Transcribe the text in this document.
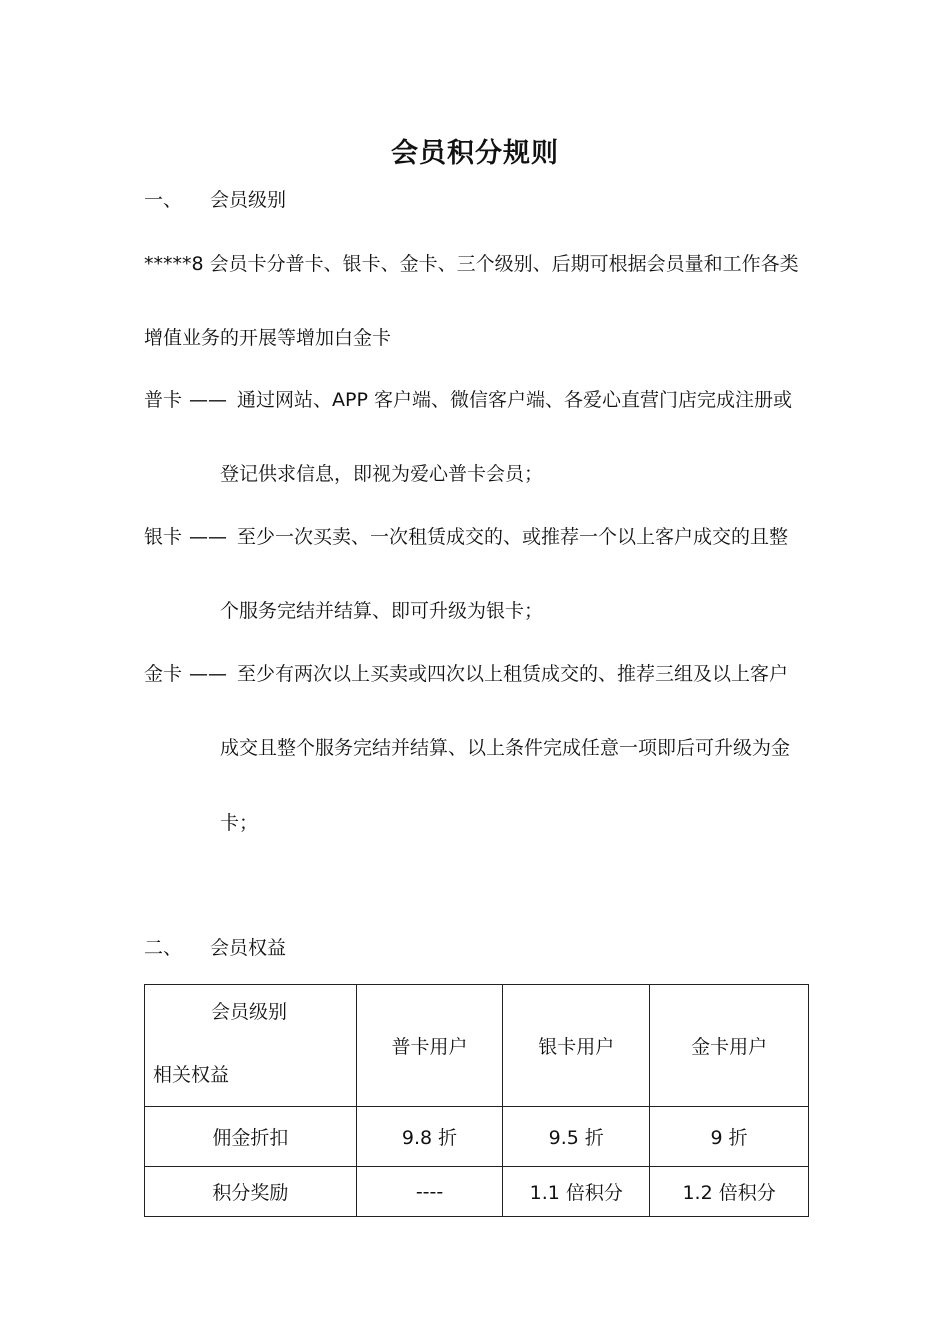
会员积分规则
一、 会员级别
*****8 会员卡分普卡、银卡、金卡、三个级别、后期可根据会员量和工作各类
增值业务的开展等增加白金卡
普卡 —— 通过网站、APP 客户端、微信客户端、各爱心直营门店完成注册或
登记供求信息，即视为爱心普卡会员；
银卡 —— 至少一次买卖、一次租赁成交的、或推荐一个以上客户成交的且整
个服务完结并结算、即可升级为银卡；
金卡 —— 至少有两次以上买卖或四次以上租赁成交的、推荐三组及以上客户
成交且整个服务完结并结算、以上条件完成任意一项即后可升级为金
卡；
二、 会员权益
会员级别
相关权益	普卡用户	银卡用户	金卡用户
佣金折扣	9.8 折	9.5 折	9 折
积分奖励	----	1.1 倍积分	1.2 倍积分
